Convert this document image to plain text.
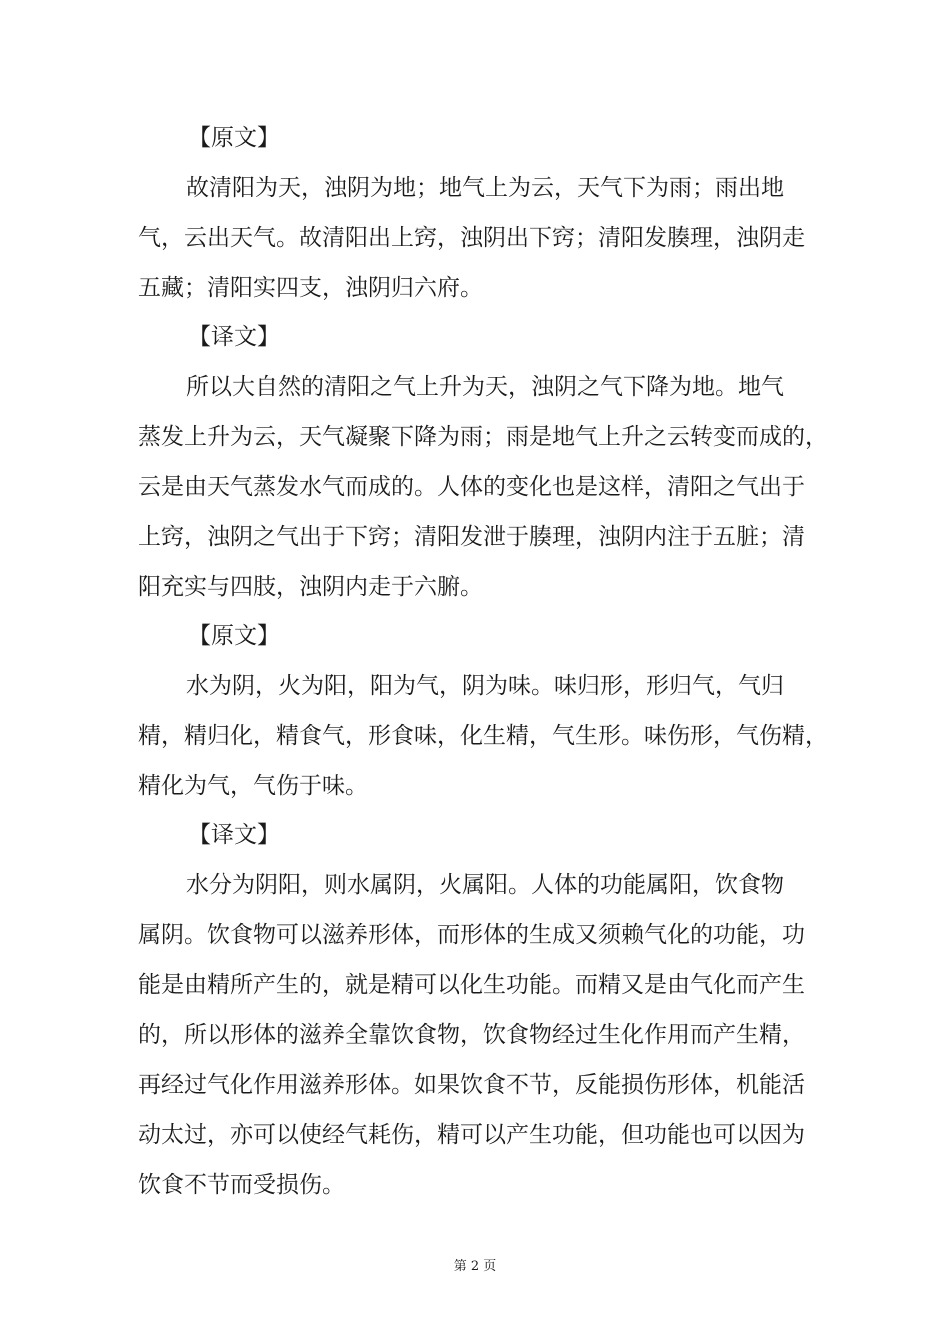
【原文】
故清阳为天，浊阴为地；地气上为云，天气下为雨；雨出地
气，云出天气。故清阳出上窍，浊阴出下窍；清阳发腠理，浊阴走
五藏；清阳实四支，浊阴归六府。
【译文】
所以大自然的清阳之气上升为天，浊阴之气下降为地。地气
蒸发上升为云，天气凝聚下降为雨；雨是地气上升之云转变而成的，
云是由天气蒸发水气而成的。人体的变化也是这样，清阳之气出于
上窍，浊阴之气出于下窍；清阳发泄于腠理，浊阴内注于五脏；清
阳充实与四肢，浊阴内走于六腑。
【原文】
水为阴，火为阳，阳为气，阴为味。味归形，形归气，气归
精，精归化，精食气，形食味，化生精，气生形。味伤形，气伤精，
精化为气，气伤于味。
【译文】
水分为阴阳，则水属阴，火属阳。人体的功能属阳，饮食物
属阴。饮食物可以滋养形体，而形体的生成又须赖气化的功能，功
能是由精所产生的，就是精可以化生功能。而精又是由气化而产生
的，所以形体的滋养全靠饮食物，饮食物经过生化作用而产生精，
再经过气化作用滋养形体。如果饮食不节，反能损伤形体，机能活
动太过，亦可以使经气耗伤，精可以产生功能，但功能也可以因为
饮食不节而受损伤。
第 2 页
